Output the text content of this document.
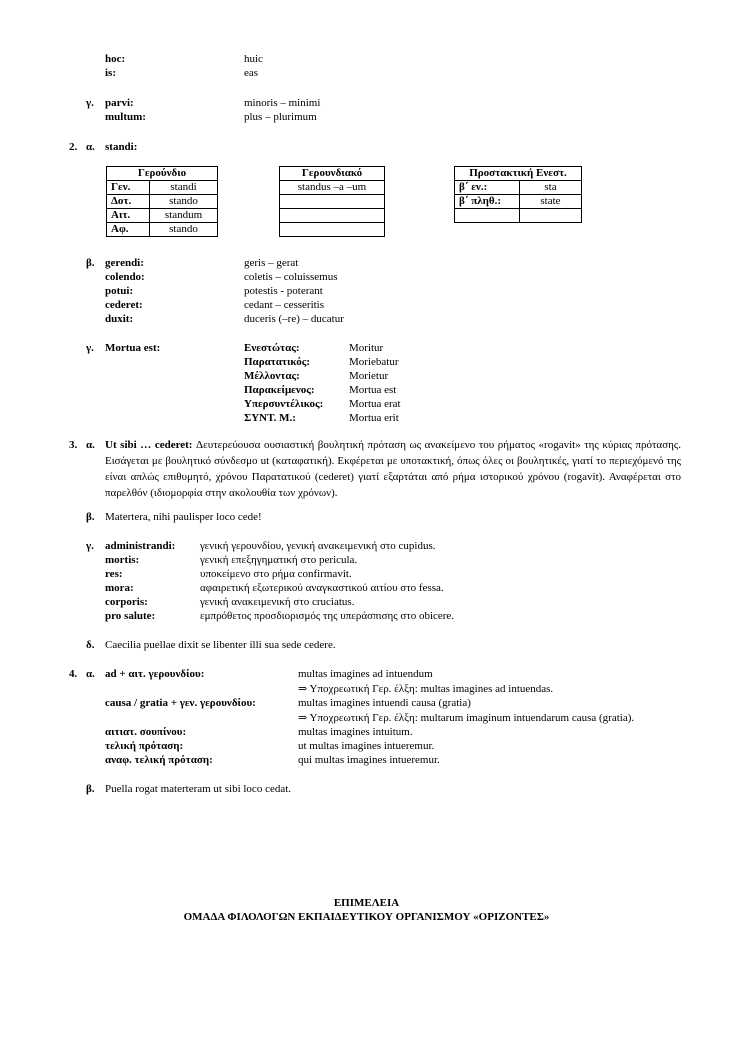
hoc:	huic
is:	eas
γ. parvi:	minoris – minimi
multum:	plus – plurimum
2. α. standi:
Γερούνδιο	
Γεν.	standi
Δοτ.	stando
Αιτ.	standum
Αφ.	stando
Γερουνδιακό
standus –a –um

Προστακτική Ενεστ.	
β΄ εν.:	sta
β΄ πληθ.:	state

β. gerendi:	geris – gerat
colendo:	coletis – coluissemus
potui:	potestis - poterant
cederet:	cedant – cesseritis
duxit:	duceris (–re) – ducatur
γ. Mortua est:	Ενεστώτας:	Moritur
Παρατατικός:	Moriebatur
Μέλλοντας:	Morietur
Παρακείμενος:	Mortua est
Υπερσυντέλικος: Mortua erat
ΣΥΝΤ. Μ.:	Mortua erit
3. α. Ut sibi … cederet: Δευτερεύουσα ουσιαστική βουλητική πρόταση ως ανακείμενο του ρήματος «rogavit» της κύριας πρότασης. Εισάγεται με βουλητικό σύνδεσμο ut (καταφατική). Εκφέρεται με υποτακτική, όπως όλες οι βουλητικές, γιατί το περιεχόμενό της είναι απλώς επιθυμητό, χρόνου Παρατατικού (cederet) γιατί εξαρτάται από ρήμα ιστορικού χρόνου (rogavit). Αναφέρεται στο παρελθόν (ιδιομορφία στην ακολουθία των χρόνων).
β. Matertera, nihi paulisper loco cede!
γ. administrandi: γενική γερουνδίου, γενική ανακειμενική στο cupidus.
mortis:	γενική επεξηγηματική στο pericula.
res:	υποκείμενο στο ρήμα confirmavit.
mora:	αφαιρετική εξωτερικού αναγκαστικού αιτίου στο fessa.
corporis:	γενική ανακειμενική στο cruciatus.
pro salute:	εμπρόθετος προσδιορισμός της υπεράσπισης στο obicere.
δ. Caecilia puellae dixit se libenter illi sua sede cedere.
4. α. ad + αιτ. γερουνδίου:	multas imagines ad intuendum
⇒ Υποχρεωτική Γερ. έλξη: multas imagines ad intuendas.
causa / gratia + γεν. γερουνδίου:	multas imagines intuendi causa (gratia)
⇒ Υποχρεωτική Γερ. έλξη: multarum imaginum intuendarum causa (gratia).
αιτιατ. σουπίνου:	multas imagines intuitum.
τελική πρόταση:	ut multas imagines intueremur.
αναφ. τελική πρόταση:	qui multas imagines intueremur.
β. Puella rogat materteram ut sibi loco cedat.
ΕΠΙΜΕΛΕΙΑ
ΟΜΑΔΑ ΦΙΛΟΛΟΓΩΝ ΕΚΠΑΙΔΕΥΤΙΚΟΥ ΟΡΓΑΝΙΣΜΟΥ «ΟΡΙΖΟΝΤΕΣ»
